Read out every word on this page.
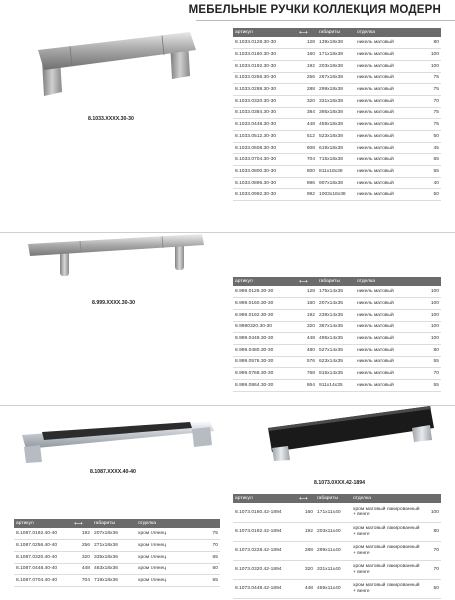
МЕБЕЛЬНЫЕ РУЧКИ КОЛЛЕКЦИЯ МОДЕРН
8.1033.XXXX.30-30
артикул	⟷	габариты	отделка	
8.1033.0128.30-30	128	139x18x38	никель матовый	80
8.1033.0160.30-30	160	171x18x38	никель матовый	100
8.1033.0192.30-30	192	203x18x38	никель матовый	100
8.1033.0256.30-30	256	267x18x38	никель матовый	75
8.1033.0288.30-30	288	299x18x38	никель матовый	75
8.1033.0320.30-30	320	331x18x38	никель матовый	70
8.1033.0384.30-30	384	395x18x38	никель матовый	75
8.1033.0448.30-30	448	459x18x38	никель матовый	75
8.1033.0512.30-30	512	523x18x38	никель матовый	50
8.1033.0608.30-30	608	619x18x38	никель матовый	45
8.1033.0704.30-30	704	715x18x38	никель матовый	55
8.1033.0800.30-30	800	811x18x38	никель матовый	55
8.1033.0896.30-30	896	907x18x38	никель матовый	40
8.1033.0992.30-30	992	1003x18x38	никель матовый	50
8.999.XXXX.30-30
артикул	⟷	габариты	отделка	
8.999.0128.30-30	128	175x14x35	никель матовый	100
8.999.0160.30-30	160	207x14x35	никель матовый	100
8.999.0192.30-30	192	239x14x35	никель матовый	100
8.9990320.30-30	320	367x14x35	никель матовый	100
8.999.0448.30-30	448	495x14x35	никель матовый	100
8.999.0480.30-30	480	527x14x35	никель матовый	80
8.999.0576.30-30	576	623x14x35	никель матовый	55
8.999.0768.30-30	768	815x14x35	никель матовый	70
8.999.0864.30-30	864	911x14x35	никель матовый	55
8.1087.XXXX.40-40
артикул	⟷	габариты	отделка	
8.1087.0192.40-40	192	207x18x36	хром глянец	75
8.1087.0256.40-40	256	271x18x36	хром глянец	70
8.1087.0320.40-40	320	335x18x36	хром глянец	65
8.1087.0448.40-40	448	463x18x36	хром глянец	60
8.1087.0704.40-40	704	719x18x36	хром глянец	55
8.1073.0XXX.42-1894
артикул	⟷	габариты	отделка	
8.1073.0160.42-1894	160	171x11x40	хром матовый лакированный + венге	100
8.1073.0192.42-1894	192	203x11x40	хром матовый лакированный + венге	80
8.1073.0228.42-1894	288	299x11x40	хром матовый лакированный + венге	70
8.1073.0320.42-1894	320	331x11x40	хром матовый лакированный + венге	70
8.1073.0448.42-1894	448	459x11x40	хром матовый лакированный + венге	50
